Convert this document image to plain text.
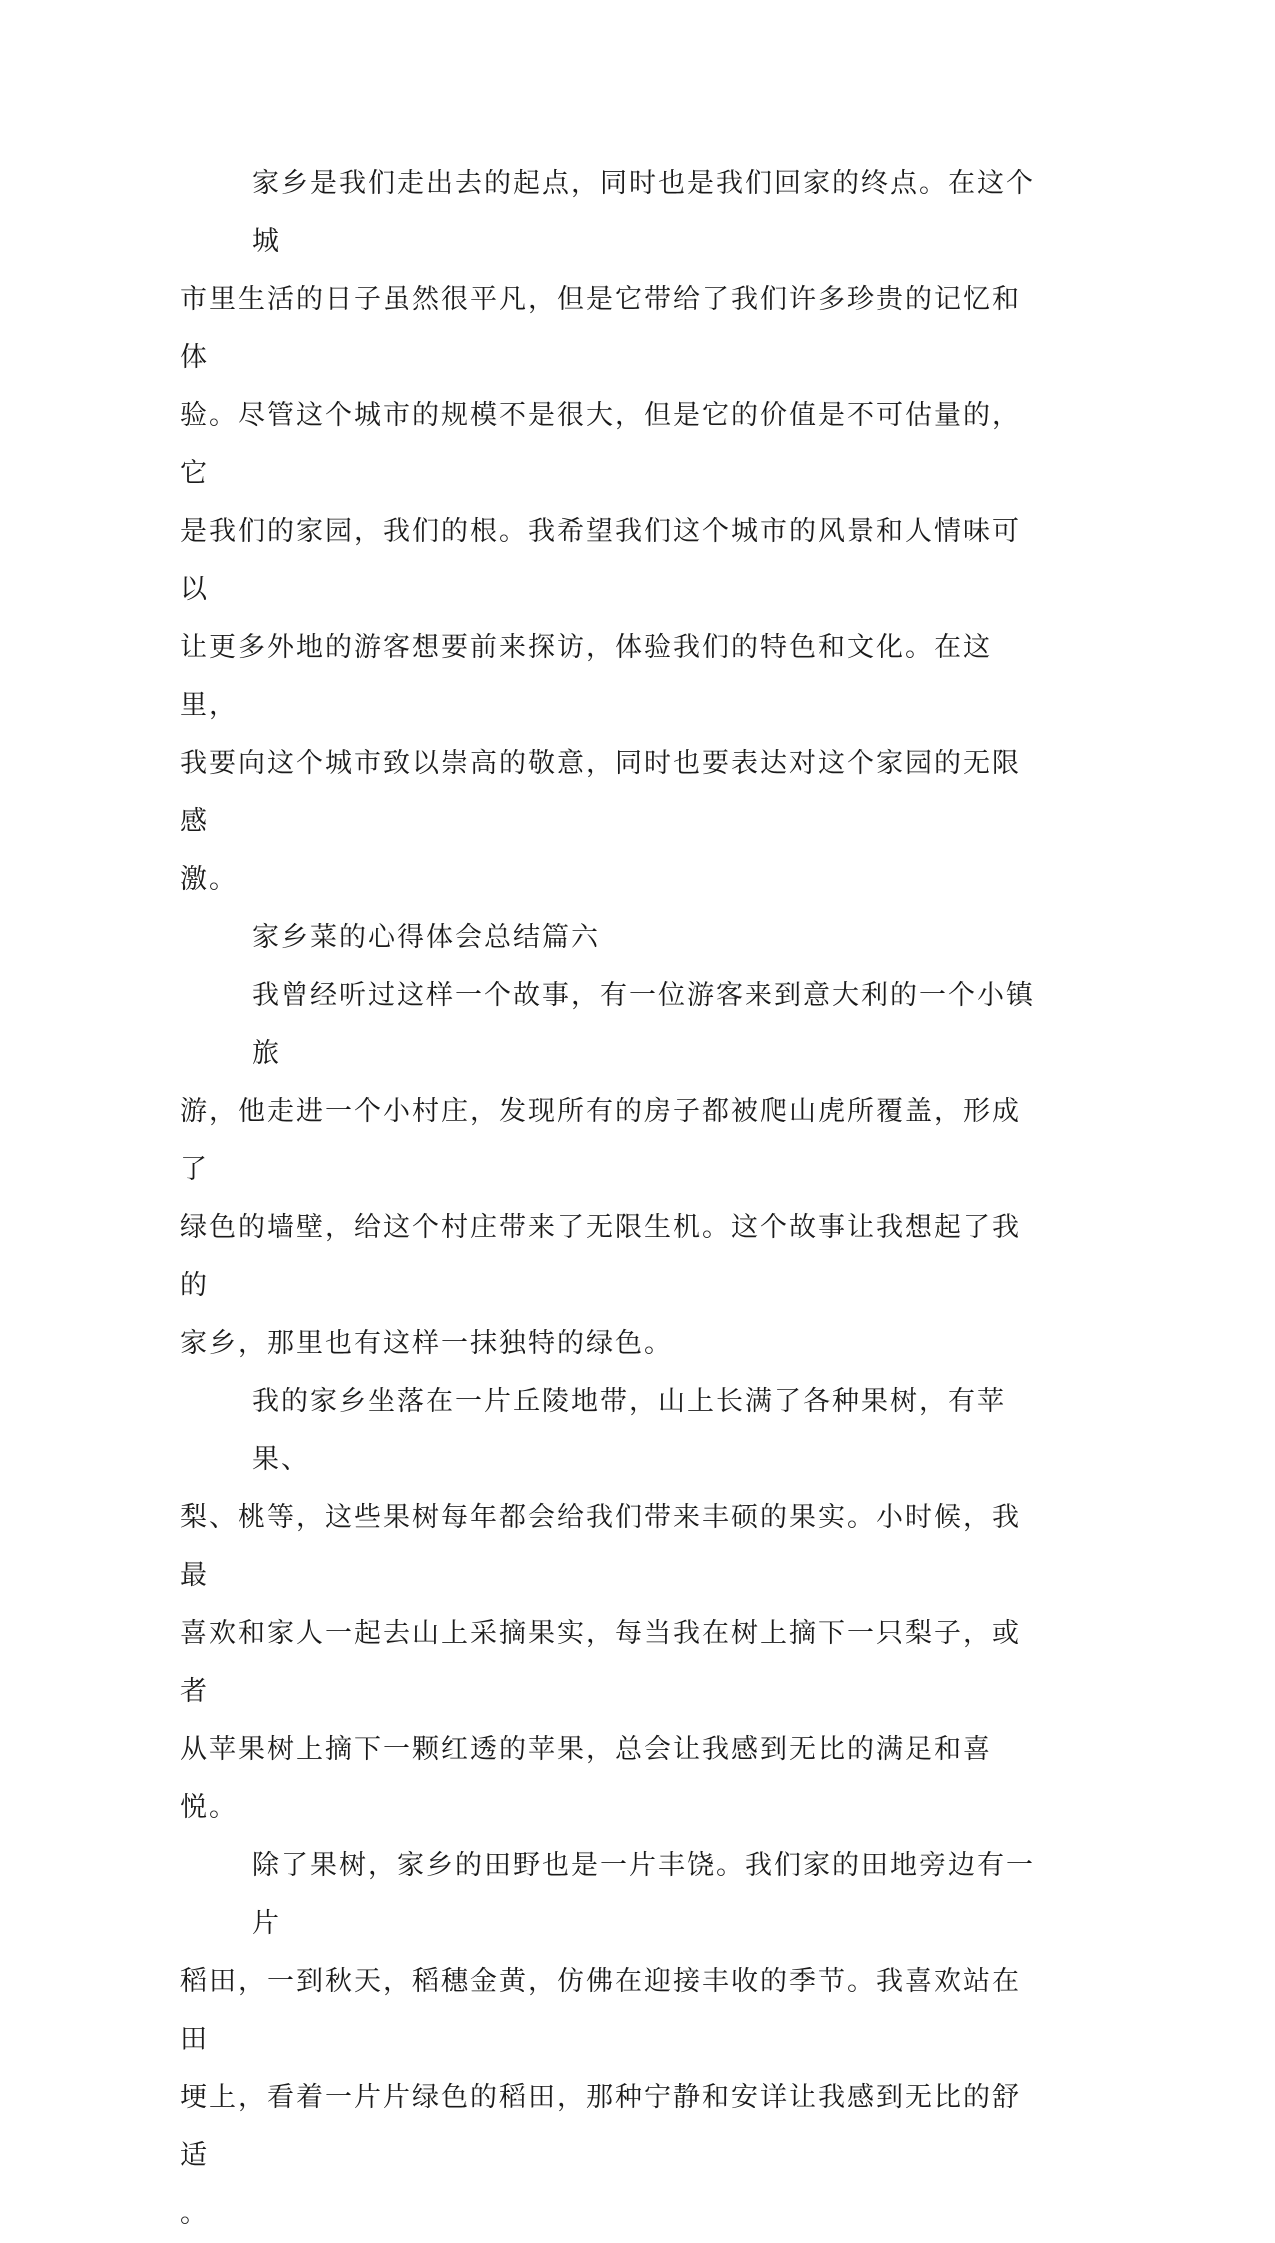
家乡是我们走出去的起点，同时也是我们回家的终点。在这个城
市里生活的日子虽然很平凡，但是它带给了我们许多珍贵的记忆和体
验。尽管这个城市的规模不是很大，但是它的价值是不可估量的，它
是我们的家园，我们的根。我希望我们这个城市的风景和人情味可以
让更多外地的游客想要前来探访，体验我们的特色和文化。在这里，
我要向这个城市致以崇高的敬意，同时也要表达对这个家园的无限感
激。
家乡菜的心得体会总结篇六
我曾经听过这样一个故事，有一位游客来到意大利的一个小镇旅
游，他走进一个小村庄，发现所有的房子都被爬山虎所覆盖，形成了
绿色的墙壁，给这个村庄带来了无限生机。这个故事让我想起了我的
家乡，那里也有这样一抹独特的绿色。
我的家乡坐落在一片丘陵地带，山上长满了各种果树，有苹果、
梨、桃等，这些果树每年都会给我们带来丰硕的果实。小时候，我最
喜欢和家人一起去山上采摘果实，每当我在树上摘下一只梨子，或者
从苹果树上摘下一颗红透的苹果，总会让我感到无比的满足和喜悦。
除了果树，家乡的田野也是一片丰饶。我们家的田地旁边有一片
稻田，一到秋天，稻穗金黄，仿佛在迎接丰收的季节。我喜欢站在田
埂上，看着一片片绿色的稻田，那种宁静和安详让我感到无比的舒适
。
